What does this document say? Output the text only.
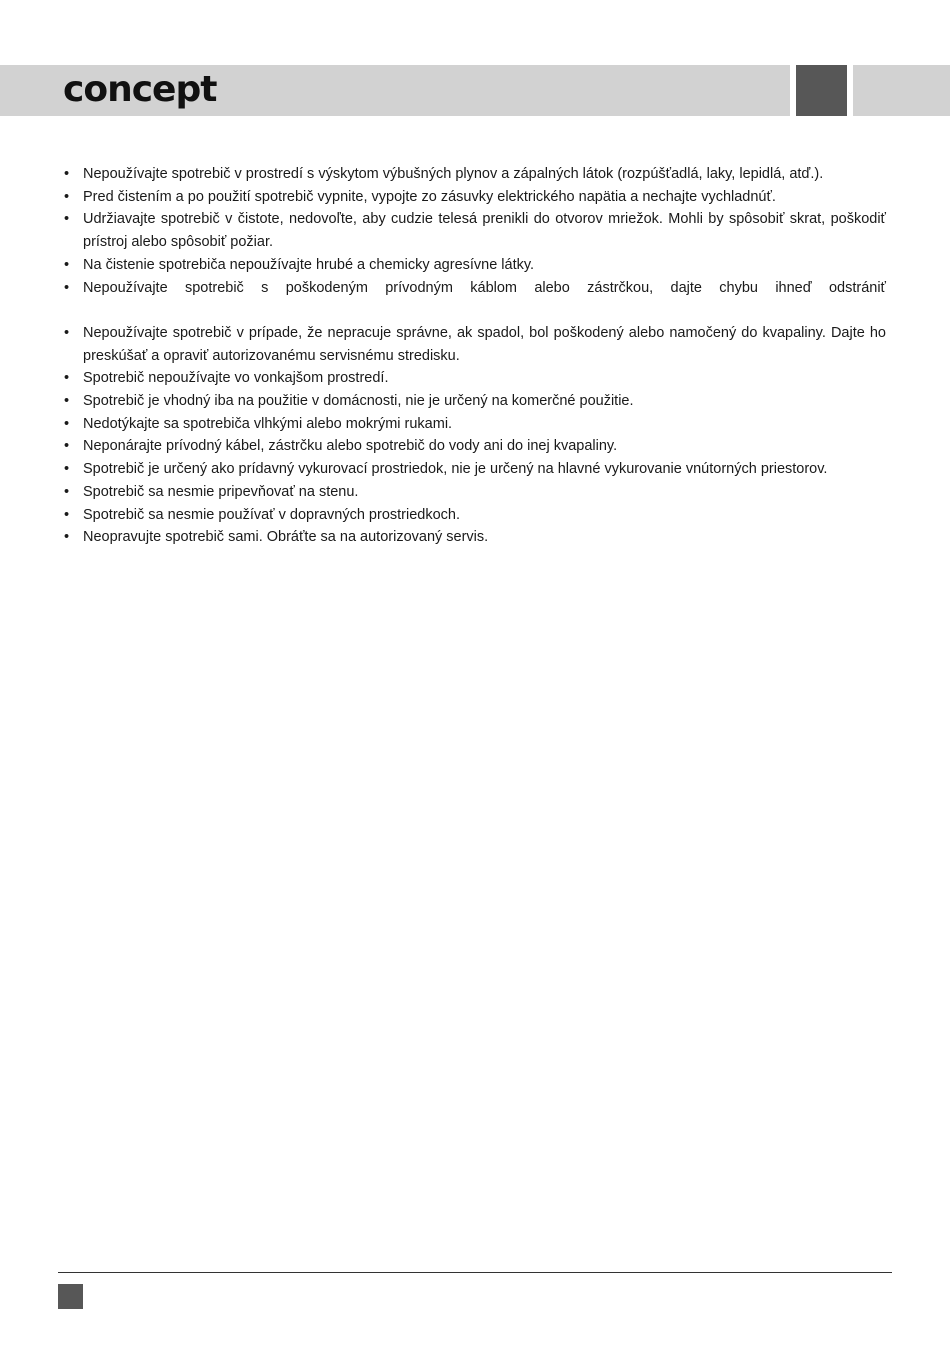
concept
• Nepoužívajte spotrebič v prostredí s výskytom výbušných plynov a zápalných látok (rozpúšťadlá, laky, lepidlá, atď.).
• Pred čistením a po použití spotrebič vypnite, vypojte zo zásuvky elektrického napätia a nechajte vychladnúť.
• Udržiavajte spotrebič v čistote, nedovoľte, aby cudzie telesá prenikli do otvorov mriežok. Mohli by spôsobiť skrat, poškodiť prístroj alebo spôsobiť požiar.
• Na čistenie spotrebiča nepoužívajte hrubé a chemicky agresívne látky.
• Nepoužívajte spotrebič s poškodeným prívodným káblom alebo zástrčkou, dajte chybu ihneď odstrániť
• Nepoužívajte spotrebič v prípade, že nepracuje správne, ak spadol, bol poškodený alebo namočený do kvapaliny. Dajte ho preskúšať a opraviť autorizovanému servisnému stredisku.
• Spotrebič nepoužívajte vo vonkajšom prostredí.
• Spotrebič je vhodný iba na použitie v domácnosti, nie je určený na komerčné použitie.
• Nedotýkajte sa spotrebiča vlhkými alebo mokrými rukami.
• Neponárajte prívodný kábel, zástrčku alebo spotrebič do vody ani do inej kvapaliny.
• Spotrebič je určený ako prídavný vykurovací prostriedok, nie je určený na hlavné vykurovanie vnútorných priestorov.
• Spotrebič sa nesmie pripevňovať na stenu.
• Spotrebič sa nesmie používať v dopravných prostriedkoch.
• Neopravujte spotrebič sami. Obráťte sa na autorizovaný servis.
